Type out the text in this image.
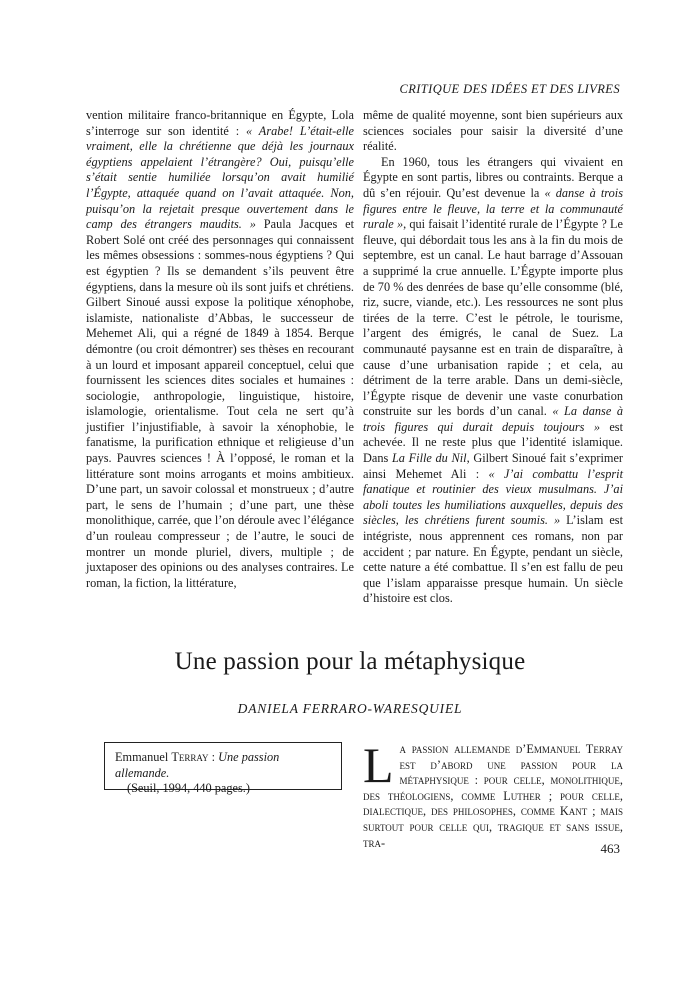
CRITIQUE DES IDÉES ET DES LIVRES

vention militaire franco-britannique en Égypte, Lola s’interroge sur son identité : « Arabe! L’était-elle vraiment, elle la chrétienne que déjà les journaux égyptiens appelaient l’étrangère? Oui, puisqu’elle s’était sentie humiliée lorsqu’on avait humilié l’Égypte, attaquée quand on l’avait attaquée. Non, puisqu’on la rejetait presque ouvertement dans le camp des étrangers maudits. » Paula Jacques et Robert Solé ont créé des personnages qui connaissent les mêmes obsessions : sommes-nous égyptiens ? Qui est égyptien ? Ils se demandent s’ils peuvent être égyptiens, dans la mesure où ils sont juifs et chrétiens. Gilbert Sinoué aussi expose la politique xénophobe, islamiste, nationaliste d’Abbas, le successeur de Mehemet Ali, qui a régné de 1849 à 1854. Berque démontre (ou croit démontrer) ses thèses en recourant à un lourd et imposant appareil conceptuel, celui que fournissent les sciences dites sociales et humaines : sociologie, anthropologie, linguistique, histoire, islamologie, orientalisme. Tout cela ne sert qu’à justifier l’injustifiable, à savoir la xénophobie, le fanatisme, la purification ethnique et religieuse d’un pays. Pauvres sciences ! À l’opposé, le roman et la littérature sont moins arrogants et moins ambitieux. D’une part, un savoir colossal et monstrueux ; d’autre part, le sens de l’humain ; d’une part, une thèse monolithique, carrée, que l’on déroule avec l’élégance d’un rouleau compresseur ; de l’autre, le souci de montrer un monde pluriel, divers, multiple ; de juxtaposer des opinions ou des analyses contraires. Le roman, la fiction, la littérature,

même de qualité moyenne, sont bien supérieurs aux sciences sociales pour saisir la diversité d’une réalité.

En 1960, tous les étrangers qui vivaient en Égypte en sont partis, libres ou contraints. Berque a dû s’en réjouir. Qu’est devenue la « danse à trois figures entre le fleuve, la terre et la communauté rurale », qui faisait l’identité rurale de l’Égypte ? Le fleuve, qui débordait tous les ans à la fin du mois de septembre, est un canal. Le haut barrage d’Assouan a supprimé la crue annuelle. L’Égypte importe plus de 70 % des denrées de base qu’elle consomme (blé, riz, sucre, viande, etc.). Les ressources ne sont plus tirées de la terre. C’est le pétrole, le tourisme, l’argent des émigrés, le canal de Suez. La communauté paysanne est en train de disparaître, à cause d’une urbanisation rapide ; et cela, au détriment de la terre arable. Dans un demi-siècle, l’Égypte risque de devenir une vaste conurbation construite sur les bords d’un canal. « La danse à trois figures qui durait depuis toujours » est achevée. Il ne reste plus que l’identité islamique. Dans La Fille du Nil, Gilbert Sinoué fait s’exprimer ainsi Mehemet Ali : « J’ai combattu l’esprit fanatique et routinier des vieux musulmans. J’ai aboli toutes les humiliations auxquelles, depuis des siècles, les chrétiens furent soumis. » L’islam est intégriste, nous apprennent ces romans, non par accident ; par nature. En Égypte, pendant un siècle, cette nature a été combattue. Il s’en est fallu de peu que l’islam apparaisse presque humain. Un siècle d’histoire est clos.

Une passion pour la métaphysique
DANIELA FERRARO-WARESQUIEL
Emmanuel Terray : Une passion allemande.
(Seuil, 1994, 440 pages.)	La passion allemande d’Emmanuel Terray est d’abord une passion pour la métaphysique : pour celle, monolithique, des théologiens, comme Luther ; pour celle, dialectique, des philosophes, comme Kant ; mais surtout pour celle qui, tragique et sans issue, tra-	463
